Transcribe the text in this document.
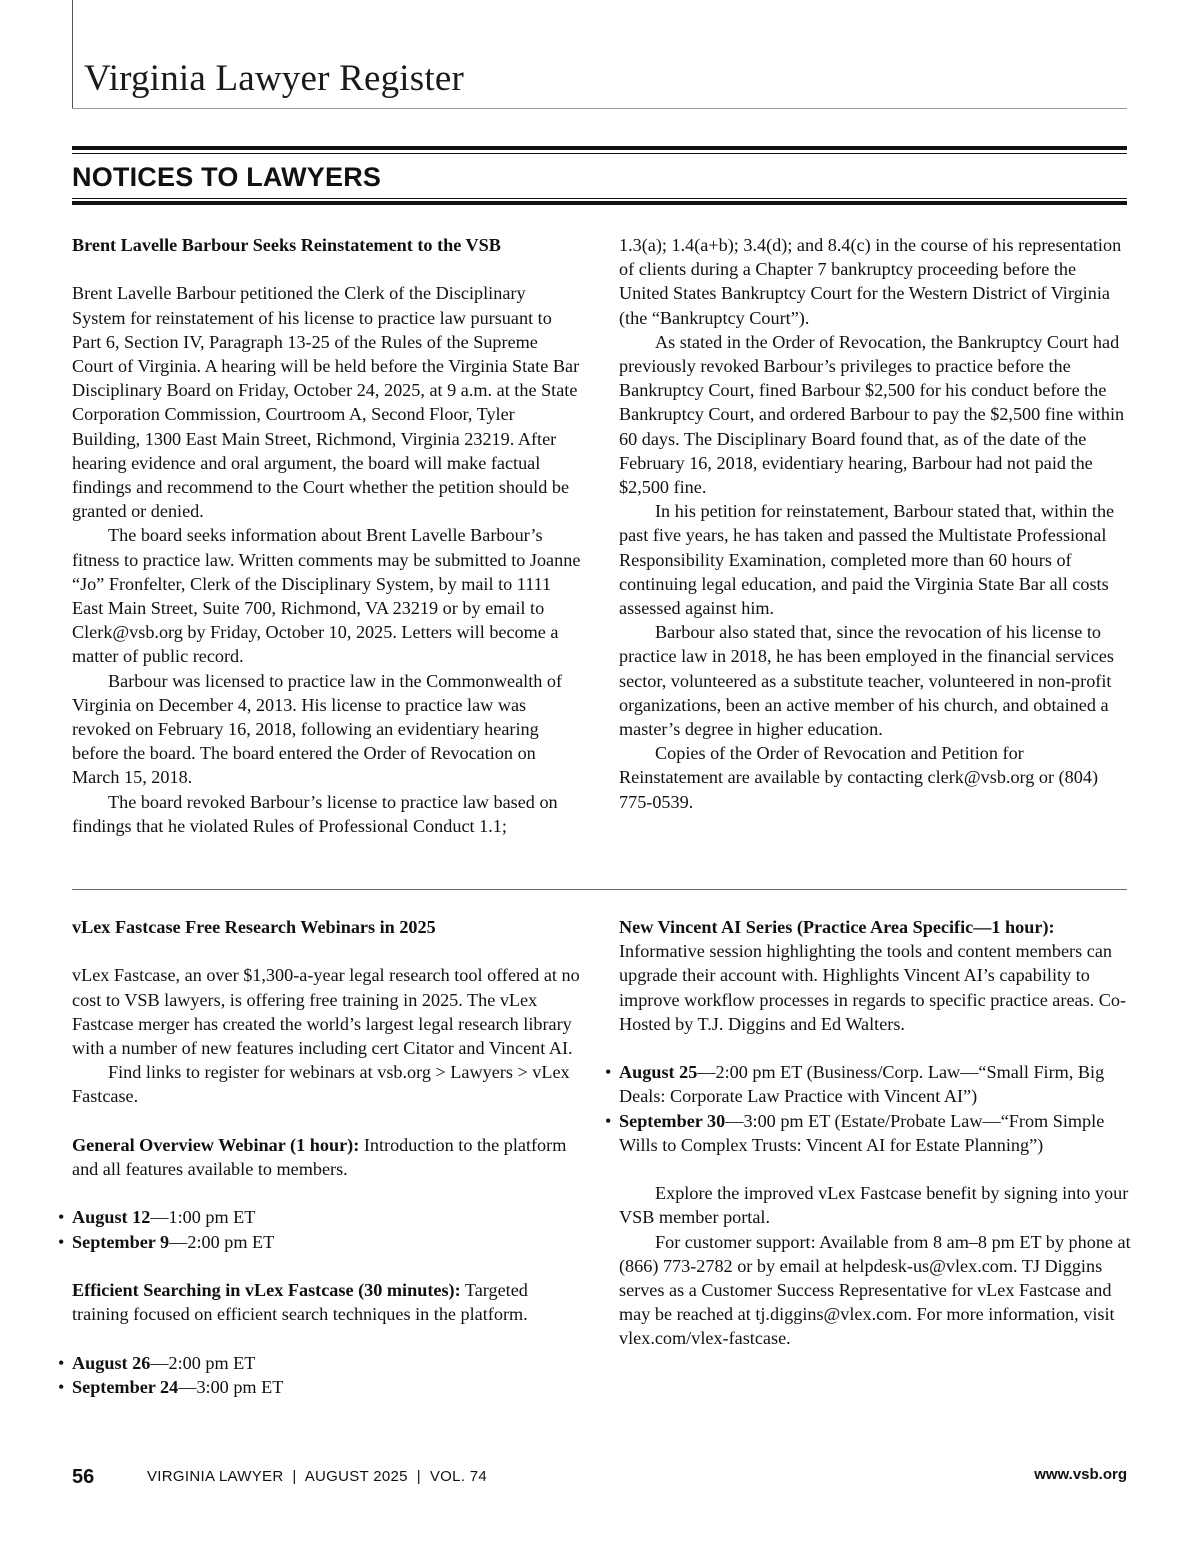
Virginia Lawyer Register
NOTICES TO LAWYERS
Brent Lavelle Barbour Seeks Reinstatement to the VSB

Brent Lavelle Barbour petitioned the Clerk of the Disciplinary System for reinstatement of his license to practice law pursuant to Part 6, Section IV, Paragraph 13-25 of the Rules of the Supreme Court of Virginia. A hearing will be held before the Virginia State Bar Disciplinary Board on Friday, October 24, 2025, at 9 a.m. at the State Corporation Commission, Courtroom A, Second Floor, Tyler Building, 1300 East Main Street, Richmond, Virginia 23219. After hearing evidence and oral argument, the board will make factual findings and recommend to the Court whether the petition should be granted or denied.

The board seeks information about Brent Lavelle Barbour’s fitness to practice law. Written comments may be submitted to Joanne “Jo” Fronfelter, Clerk of the Disciplinary System, by mail to 1111 East Main Street, Suite 700, Richmond, VA 23219 or by email to Clerk@vsb.org by Friday, October 10, 2025. Letters will become a matter of public record.

Barbour was licensed to practice law in the Commonwealth of Virginia on December 4, 2013. His license to practice law was revoked on February 16, 2018, following an evidentiary hearing before the board. The board entered the Order of Revocation on March 15, 2018.

The board revoked Barbour’s license to practice law based on findings that he violated Rules of Professional Conduct 1.1;

1.3(a); 1.4(a+b); 3.4(d); and 8.4(c) in the course of his representation of clients during a Chapter 7 bankruptcy proceeding before the United States Bankruptcy Court for the Western District of Virginia (the “Bankruptcy Court”).

As stated in the Order of Revocation, the Bankruptcy Court had previously revoked Barbour’s privileges to practice before the Bankruptcy Court, fined Barbour $2,500 for his conduct before the Bankruptcy Court, and ordered Barbour to pay the $2,500 fine within 60 days. The Disciplinary Board found that, as of the date of the February 16, 2018, evidentiary hearing, Barbour had not paid the $2,500 fine.

In his petition for reinstatement, Barbour stated that, within the past five years, he has taken and passed the Multistate Professional Responsibility Examination, completed more than 60 hours of continuing legal education, and paid the Virginia State Bar all costs assessed against him.

Barbour also stated that, since the revocation of his license to practice law in 2018, he has been employed in the financial services sector, volunteered as a substitute teacher, volunteered in non-profit organizations, been an active member of his church, and obtained a master’s degree in higher education.

Copies of the Order of Revocation and Petition for Reinstatement are available by contacting clerk@vsb.org or (804) 775-0539.

vLex Fastcase Free Research Webinars in 2025

vLex Fastcase, an over $1,300-a-year legal research tool offered at no cost to VSB lawyers, is offering free training in 2025. The vLex Fastcase merger has created the world’s largest legal research library with a number of new features including cert Citator and Vincent AI.

Find links to register for webinars at vsb.org > Lawyers > vLex Fastcase.

General Overview Webinar (1 hour): Introduction to the platform and all features available to members.

• August 12—1:00 pm ET
• September 9—2:00 pm ET

Efficient Searching in vLex Fastcase (30 minutes): Targeted training focused on efficient search techniques in the platform.

• August 26—2:00 pm ET
• September 24—3:00 pm ET

New Vincent AI Series (Practice Area Specific—1 hour): Informative session highlighting the tools and content members can upgrade their account with. Highlights Vincent AI’s capability to improve workflow processes in regards to specific practice areas. Co-Hosted by T.J. Diggins and Ed Walters.

• August 25—2:00 pm ET (Business/Corp. Law—“Small Firm, Big Deals: Corporate Law Practice with Vincent AI”)
• September 30—3:00 pm ET (Estate/Probate Law—“From Simple Wills to Complex Trusts: Vincent AI for Estate Planning”)

Explore the improved vLex Fastcase benefit by signing into your VSB member portal.

For customer support: Available from 8 am–8 pm ET by phone at (866) 773-2782 or by email at helpdesk-us@vlex.com. TJ Diggins serves as a Customer Success Representative for vLex Fastcase and may be reached at tj.diggins@vlex.com. For more information, visit vlex.com/vlex-fastcase.

56	VIRGINIA LAWYER  |  AUGUST 2025  |  VOL. 74	www.vsb.org
